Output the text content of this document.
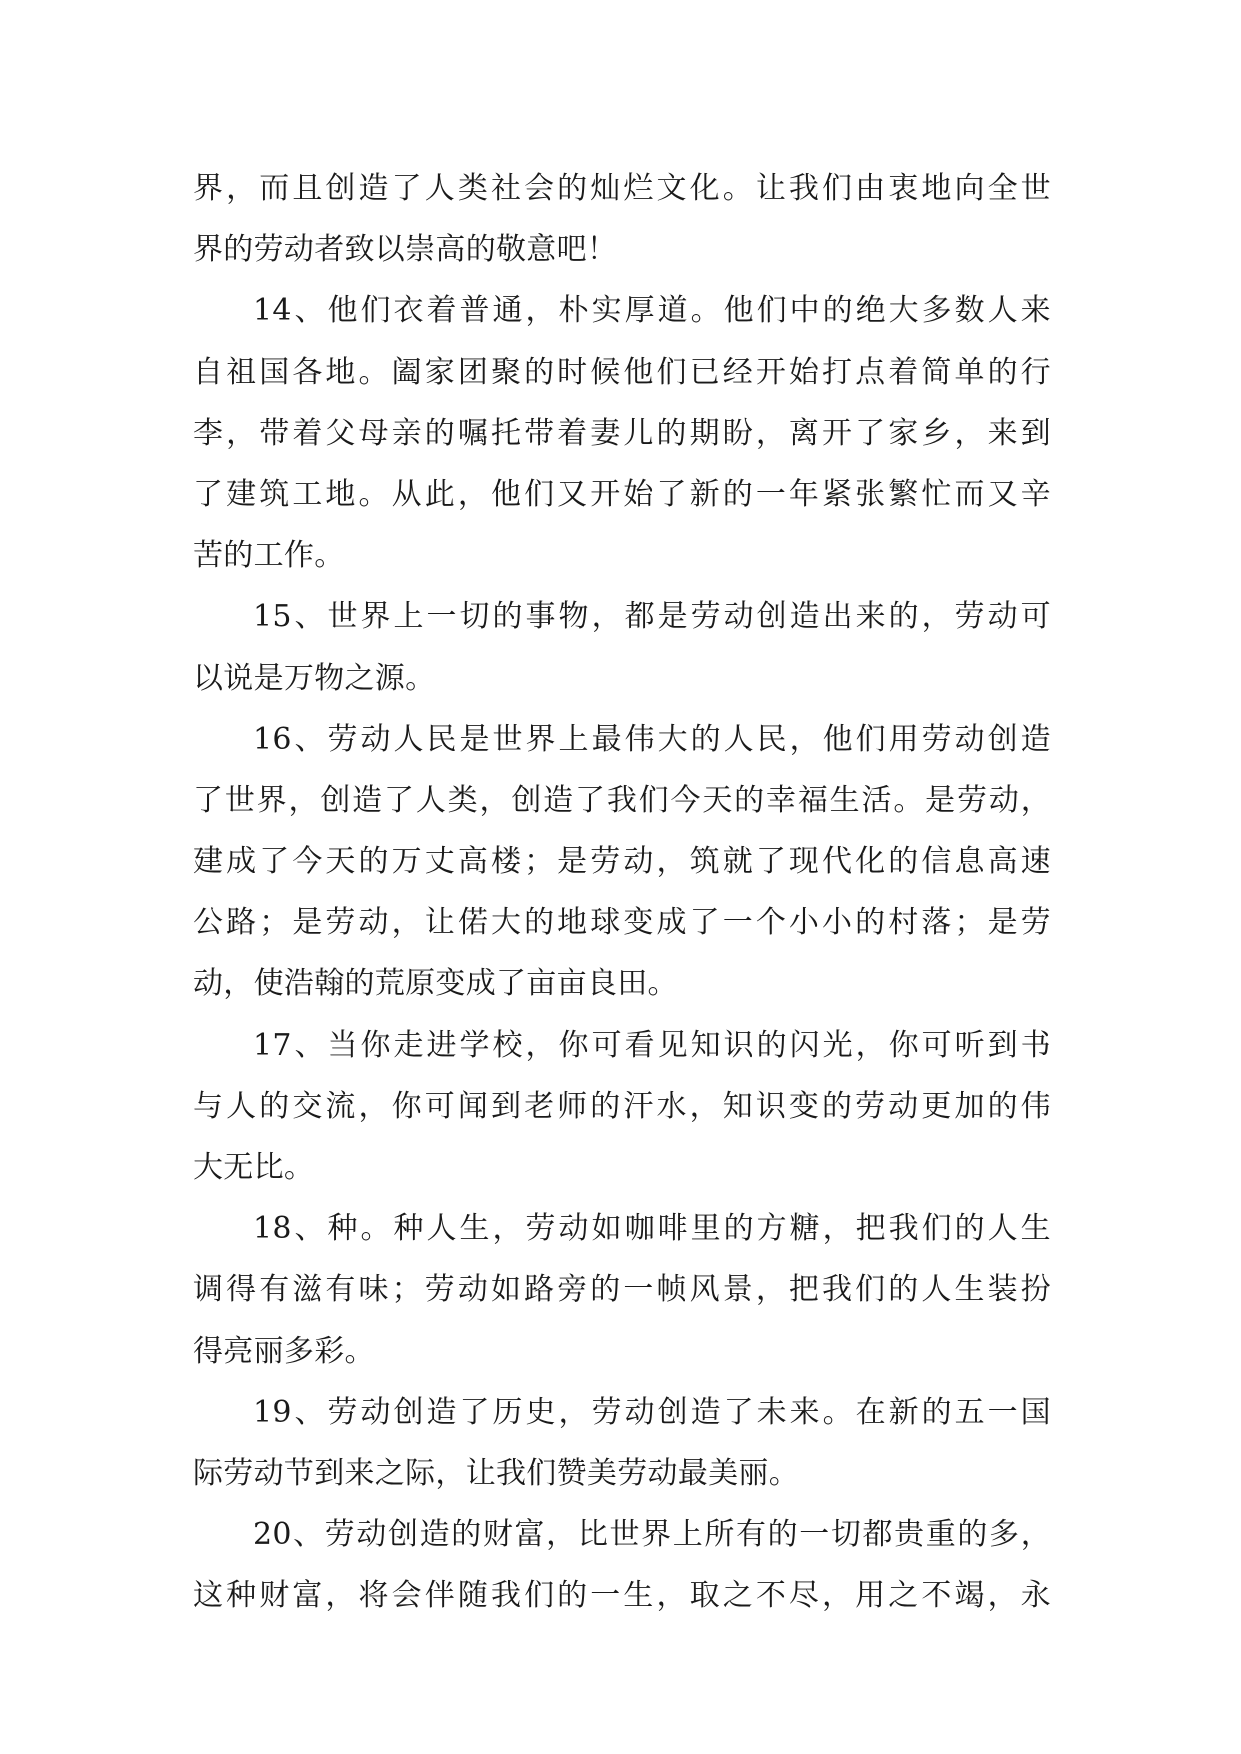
界，而且创造了人类社会的灿烂文化。让我们由衷地向全世
界的劳动者致以崇高的敬意吧！
14、他们衣着普通，朴实厚道。他们中的绝大多数人来
自祖国各地。阖家团聚的时候他们已经开始打点着简单的行
李，带着父母亲的嘱托带着妻儿的期盼，离开了家乡，来到
了建筑工地。从此，他们又开始了新的一年紧张繁忙而又辛
苦的工作。
15、世界上一切的事物，都是劳动创造出来的，劳动可
以说是万物之源。
16、劳动人民是世界上最伟大的人民，他们用劳动创造
了世界，创造了人类，创造了我们今天的幸福生活。是劳动，
建成了今天的万丈高楼；是劳动，筑就了现代化的信息高速
公路；是劳动，让偌大的地球变成了一个小小的村落；是劳
动，使浩翰的荒原变成了亩亩良田。
17、当你走进学校，你可看见知识的闪光，你可听到书
与人的交流，你可闻到老师的汗水，知识变的劳动更加的伟
大无比。
18、种。种人生，劳动如咖啡里的方糖，把我们的人生
调得有滋有味；劳动如路旁的一帧风景，把我们的人生装扮
得亮丽多彩。
19、劳动创造了历史，劳动创造了未来。在新的五一国
际劳动节到来之际，让我们赞美劳动最美丽。
20、劳动创造的财富，比世界上所有的一切都贵重的多，
这种财富，将会伴随我们的一生，取之不尽，用之不竭，永
